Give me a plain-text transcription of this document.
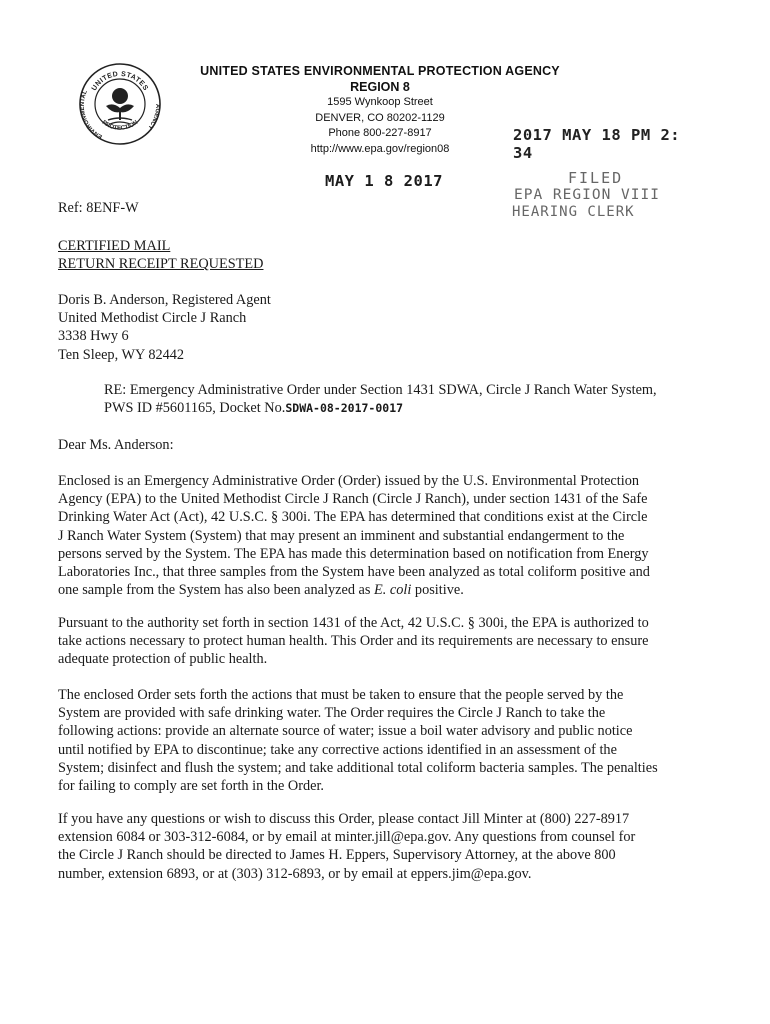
UNITED STATES
ENVIRONMENTAL
AGENCY
PROTECTION
UNITED STATES ENVIRONMENTAL PROTECTION AGENCY
REGION 8
1595 Wynkoop Street
DENVER, CO 80202-1129
Phone 800-227-8917
http://www.epa.gov/region08
MAY 1 8 2017
2017 MAY 18 PM 2: 34
FILED
EPA REGION VIII
HEARING CLERK
Ref: 8ENF-W
CERTIFIED MAIL
RETURN RECEIPT REQUESTED
Doris B. Anderson, Registered Agent
United Methodist Circle J Ranch
3338 Hwy 6
Ten Sleep, WY 82442
RE: Emergency Administrative Order under Section 1431 SDWA, Circle J Ranch Water System,
PWS ID #5601165, Docket No.SDWA-08-2017-0017
Dear Ms. Anderson:
Enclosed is an Emergency Administrative Order (Order) issued by the U.S. Environmental Protection
Agency (EPA) to the United Methodist Circle J Ranch (Circle J Ranch), under section 1431 of the Safe
Drinking Water Act (Act), 42 U.S.C. § 300i. The EPA has determined that conditions exist at the Circle
J Ranch Water System (System) that may present an imminent and substantial endangerment to the
persons served by the System. The EPA has made this determination based on notification from Energy
Laboratories Inc., that three samples from the System have been analyzed as total coliform positive and
one sample from the System has also been analyzed as E. coli positive.
Pursuant to the authority set forth in section 1431 of the Act, 42 U.S.C. § 300i, the EPA is authorized to
take actions necessary to protect human health. This Order and its requirements are necessary to ensure
adequate protection of public health.
The enclosed Order sets forth the actions that must be taken to ensure that the people served by the
System are provided with safe drinking water. The Order requires the Circle J Ranch to take the
following actions: provide an alternate source of water; issue a boil water advisory and public notice
until notified by EPA to discontinue; take any corrective actions identified in an assessment of the
System; disinfect and flush the system; and take additional total coliform bacteria samples. The penalties
for failing to comply are set forth in the Order.
If you have any questions or wish to discuss this Order, please contact Jill Minter at (800) 227-8917
extension 6084 or 303-312-6084, or by email at minter.jill@epa.gov. Any questions from counsel for
the Circle J Ranch should be directed to James H. Eppers, Supervisory Attorney, at the above 800
number, extension 6893, or at (303) 312-6893, or by email at eppers.jim@epa.gov.
